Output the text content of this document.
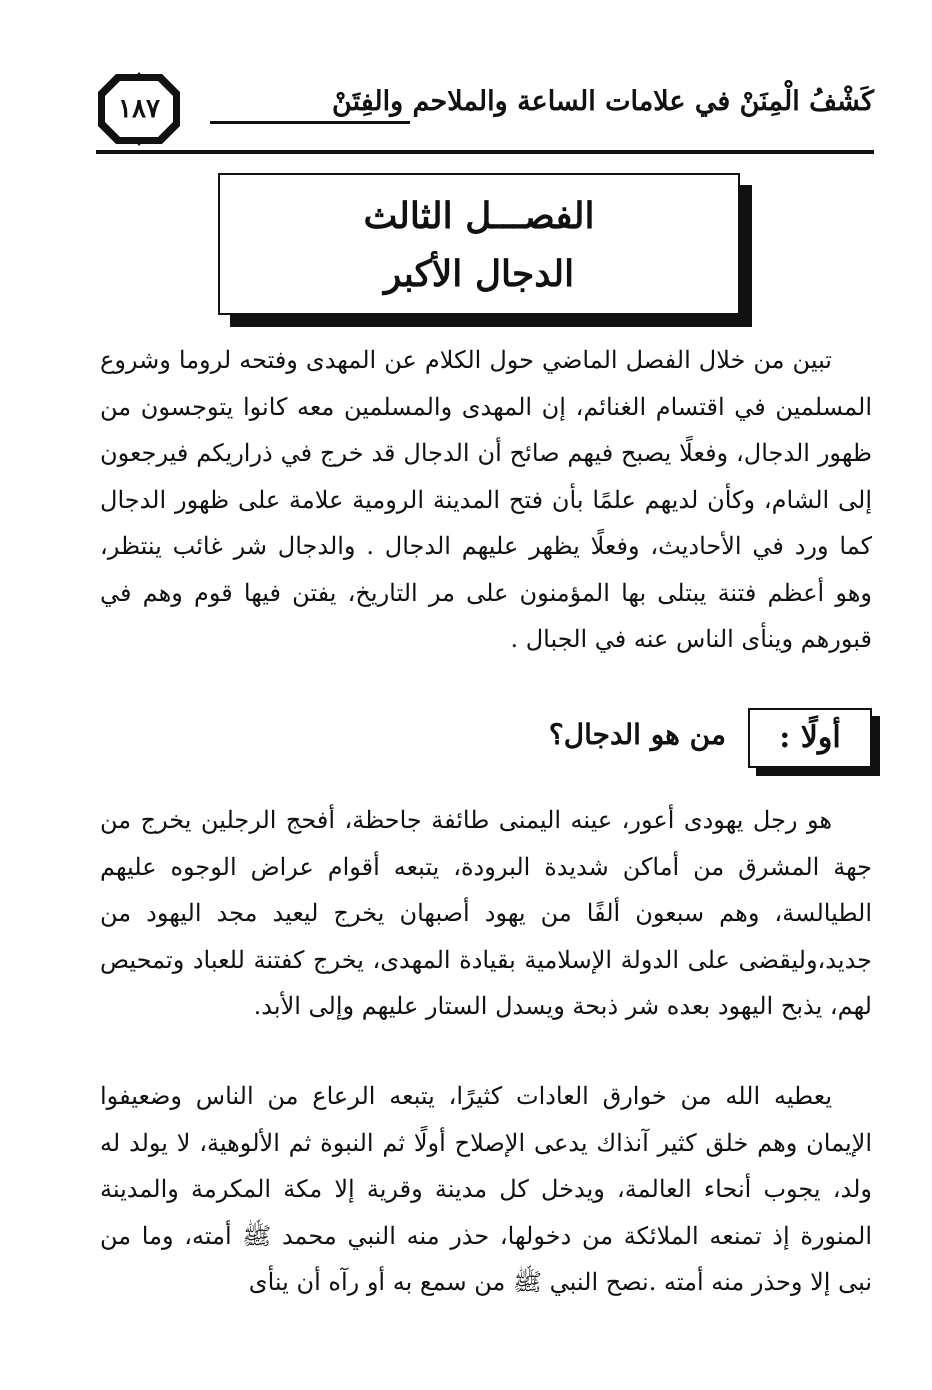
١٨٧	كَشْفُ الْمِنَنْ في علامات الساعة والملاحم والفِتَنْ
الفصـــل الثالث
الدجال الأكبر

تبين من خلال الفصل الماضي حول الكلام عن المهدى وفتحه لروما وشروع المسلمين في اقتسام الغنائم، إن المهدى والمسلمين معه كانوا يتوجسون من ظهور الدجال، وفعلًا يصبح فيهم صائح أن الدجال قد خرج في ذراريكم فيرجعون إلى الشام، وكأن لديهم علمًا بأن فتح المدينة الرومية علامة على ظهور الدجال كما ورد في الأحاديث، وفعلًا يظهر عليهم الدجال . والدجال شر غائب ينتظر، وهو أعظم فتنة يبتلى بها المؤمنون على مر التاريخ، يفتن فيها قوم وهم في قبورهم وينأى الناس عنه في الجبال .

أولًا :
من هو الدجال؟

هو رجل يهودى أعور، عينه اليمنى طائفة جاحظة، أفحج الرجلين يخرج من جهة المشرق من أماكن شديدة البرودة، يتبعه أقوام عراض الوجوه عليهم الطيالسة، وهم سبعون ألفًا من يهود أصبهان يخرج ليعيد مجد اليهود من جديد،وليقضى على الدولة الإسلامية بقيادة المهدى، يخرج كفتنة للعباد وتمحيص لهم، يذبح اليهود بعده شر ذبحة ويسدل الستار عليهم وإلى الأبد.

يعطيه الله من خوارق العادات كثيرًا، يتبعه الرعاع من الناس وضعيفوا الإيمان وهم خلق كثير آنذاك يدعى الإصلاح أولًا ثم النبوة ثم الألوهية، لا يولد له ولد، يجوب أنحاء العالمة، ويدخل كل مدينة وقرية إلا مكة المكرمة والمدينة المنورة إذ تمنعه الملائكة من دخولها، حذر منه النبي محمد ﷺ أمته، وما من نبى إلا وحذر منه أمته .نصح النبي ﷺ من سمع به أو رآه أن ينأى
